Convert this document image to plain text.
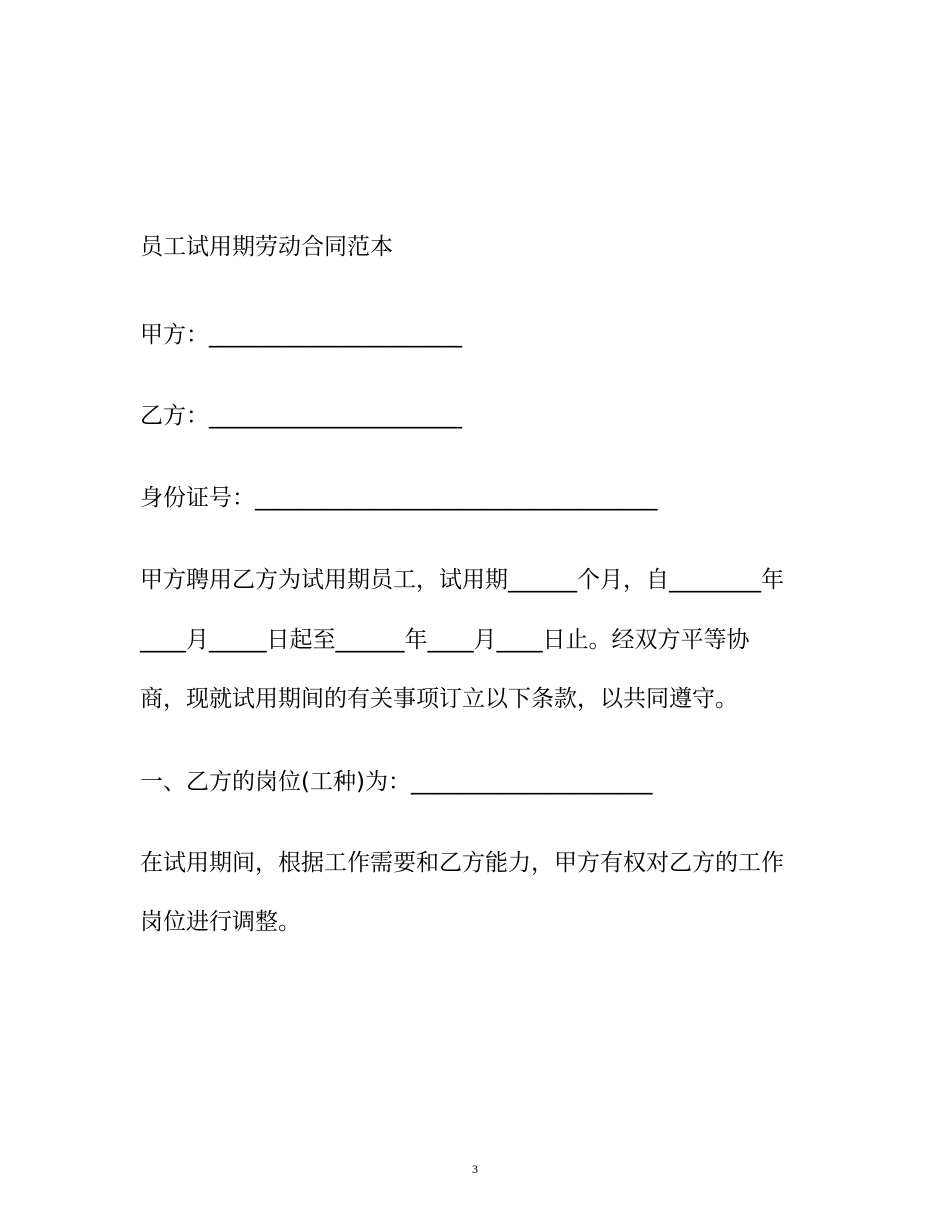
员工试用期劳动合同范本
甲方：______________________
乙方：______________________
身份证号：___________________________________
甲方聘用乙方为试用期员工，试用期______个月，自________年
____月_____日起至______年____月____日止。经双方平等协
商，现就试用期间的有关事项订立以下条款，以共同遵守。
一、乙方的岗位(工种)为：_____________________
在试用期间，根据工作需要和乙方能力，甲方有权对乙方的工作
岗位进行调整。
3
